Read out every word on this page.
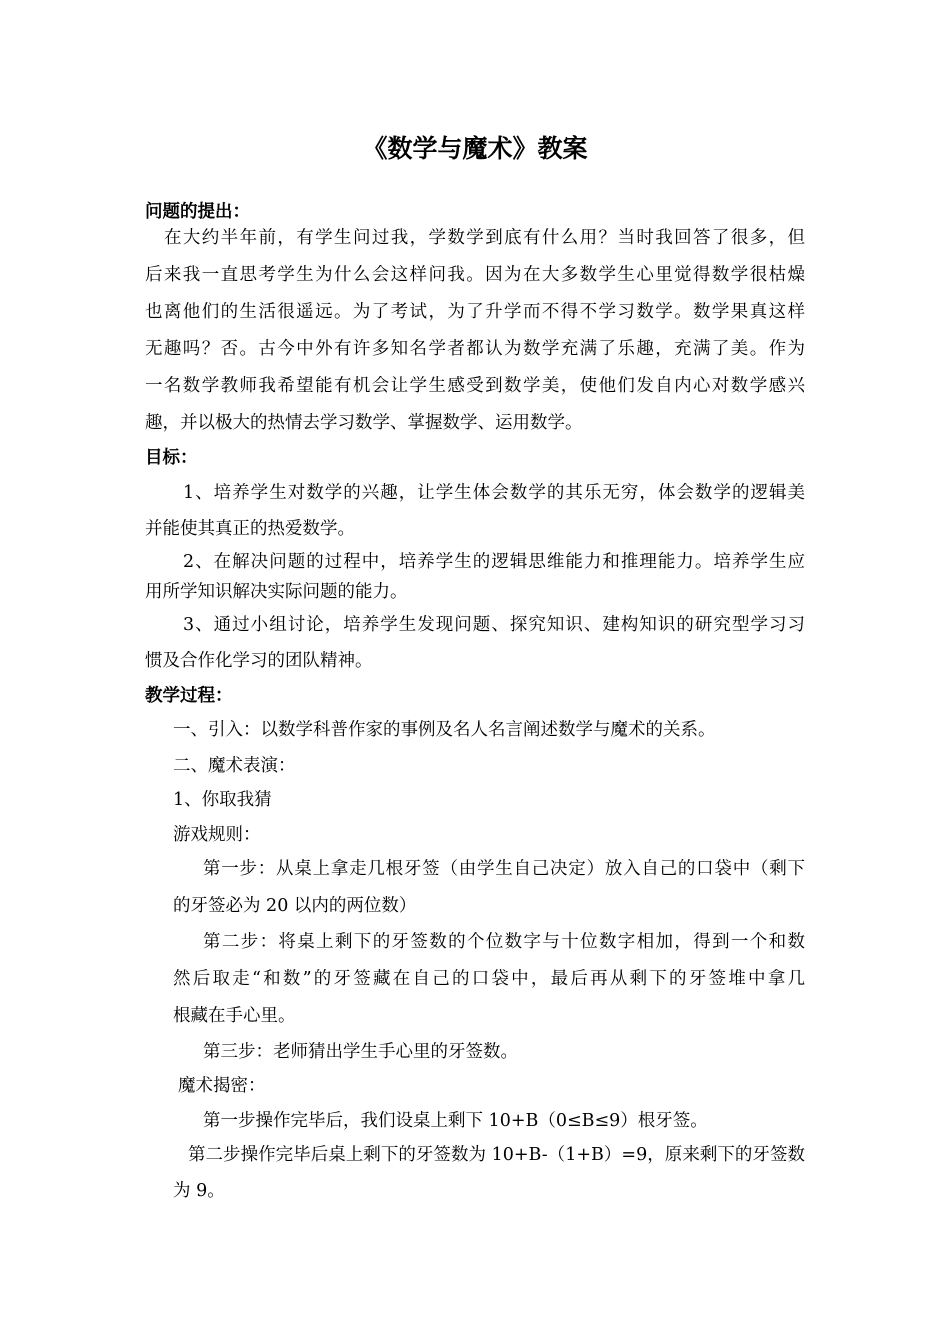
《数学与魔术》教案
问题的提出：
在大约半年前，有学生问过我，学数学到底有什么用？当时我回答了很多，但
后来我一直思考学生为什么会这样问我。因为在大多数学生心里觉得数学很枯燥
也离他们的生活很遥远。为了考试，为了升学而不得不学习数学。数学果真这样
无趣吗？否。古今中外有许多知名学者都认为数学充满了乐趣，充满了美。作为
一名数学教师我希望能有机会让学生感受到数学美，使他们发自内心对数学感兴
趣，并以极大的热情去学习数学、掌握数学、运用数学。
目标：
1、培养学生对数学的兴趣，让学生体会数学的其乐无穷，体会数学的逻辑美
并能使其真正的热爱数学。
2、在解决问题的过程中，培养学生的逻辑思维能力和推理能力。培养学生应
用所学知识解决实际问题的能力。
3、通过小组讨论，培养学生发现问题、探究知识、建构知识的研究型学习习
惯及合作化学习的团队精神。
教学过程：
一、引入：以数学科普作家的事例及名人名言阐述数学与魔术的关系。
二、魔术表演：
1、你取我猜
游戏规则：
第一步：从桌上拿走几根牙签（由学生自己决定）放入自己的口袋中（剩下
的牙签必为 20 以内的两位数）
第二步：将桌上剩下的牙签数的个位数字与十位数字相加，得到一个和数
然后取走“和数”的牙签藏在自己的口袋中，最后再从剩下的牙签堆中拿几
根藏在手心里。
第三步：老师猜出学生手心里的牙签数。
魔术揭密：
第一步操作完毕后，我们设桌上剩下 10+B（0≤B≤9）根牙签。
第二步操作完毕后桌上剩下的牙签数为 10+B-（1+B）=9，原来剩下的牙签数
为 9。
